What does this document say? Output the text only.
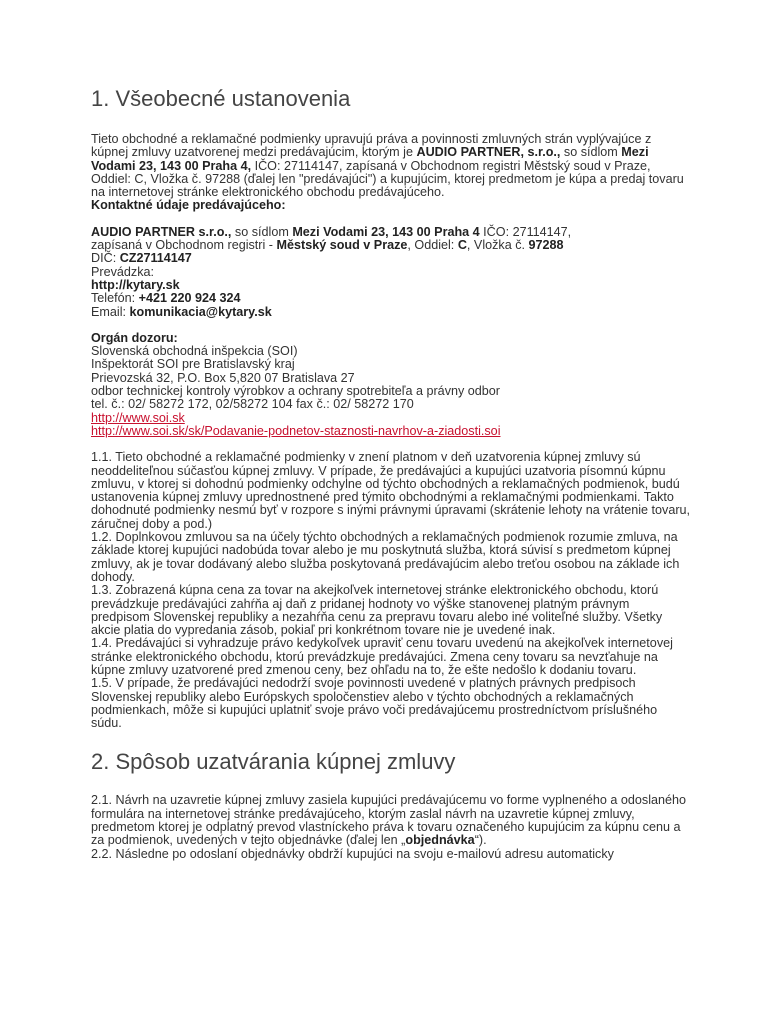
1. Všeobecné ustanovenia

Tieto obchodné a reklamačné podmienky upravujú práva a povinnosti zmluvných strán vyplývajúce z kúpnej zmluvy uzatvorenej medzi predávajúcim, ktorým je AUDIO PARTNER, s.r.o., so sídlom Mezi Vodami 23, 143 00 Praha 4, IČO: 27114147, zapísaná v Obchodnom registri Městský soud v Praze, Oddiel: C, Vložka č. 97288 (ďalej len "predávajúci") a kupujúcim, ktorej predmetom je kúpa a predaj tovaru na internetovej stránke elektronického obchodu predávajúceho.

Kontaktné údaje predávajúceho:

AUDIO PARTNER s.r.o., so sídlom Mezi Vodami 23, 143 00 Praha 4 IČO: 27114147,

zapísaná v Obchodnom registri - Městský soud v Praze, Oddiel: C, Vložka č. 97288

DIČ: CZ27114147

Prevádzka:

http://kytary.sk

Telefón: +421 220 924 324

Email: komunikacia@kytary.sk

Orgán dozoru:

Slovenská obchodná inšpekcia (SOI)

Inšpektorát SOI pre Bratislavský kraj

Prievozská 32, P.O. Box 5,820 07 Bratislava 27

odbor technickej kontroly výrobkov a ochrany spotrebiteľa a právny odbor

tel. č.: 02/ 58272 172, 02/58272 104 fax č.: 02/ 58272 170

http://www.soi.sk

http://www.soi.sk/sk/Podavanie-podnetov-staznosti-navrhov-a-ziadosti.soi

1.1. Tieto obchodné a reklamačné podmienky v znení platnom v deň uzatvorenia kúpnej zmluvy sú neoddeliteľnou súčasťou kúpnej zmluvy. V prípade, že predávajúci a kupujúci uzatvoria písomnú kúpnu zmluvu, v ktorej si dohodnú podmienky odchylne od týchto obchodných a reklamačných podmienok, budú ustanovenia kúpnej zmluvy uprednostnené pred týmito obchodnými a reklamačnými podmienkami. Takto dohodnuté podmienky nesmú byť v rozpore s inými právnymi úpravami (skrátenie lehoty na vrátenie tovaru, záručnej doby a pod.)

1.2. Doplnkovou zmluvou sa na účely týchto obchodných a reklamačných podmienok rozumie zmluva, na základe ktorej kupujúci nadobúda tovar alebo je mu poskytnutá služba, ktorá súvisí s predmetom kúpnej zmluvy, ak je tovar dodávaný alebo služba poskytovaná predávajúcim alebo treťou osobou na základe ich dohody.

1.3. Zobrazená kúpna cena za tovar na akejkoľvek internetovej stránke elektronického obchodu, ktorú prevádzkuje predávajúci zahŕňa aj daň z pridanej hodnoty vo výške stanovenej platným právnym predpisom Slovenskej republiky a nezahŕňa cenu za prepravu tovaru alebo iné voliteľné služby. Všetky akcie platia do vypredania zásob, pokiaľ pri konkrétnom tovare nie je uvedené inak.

1.4. Predávajúci si vyhradzuje právo kedykoľvek upraviť cenu tovaru uvedenú na akejkoľvek internetovej stránke elektronického obchodu, ktorú prevádzkuje predávajúci. Zmena ceny tovaru sa nevzťahuje na kúpne zmluvy uzatvorené pred zmenou ceny, bez ohľadu na to, že ešte nedošlo k dodaniu tovaru.

1.5. V prípade, že predávajúci nedodrží svoje povinnosti uvedené v platných právnych predpisoch Slovenskej republiky alebo Európskych spoločenstiev alebo v týchto obchodných a reklamačných podmienkach, môže si kupujúci uplatniť svoje právo voči predávajúcemu prostredníctvom príslušného súdu.

2. Spôsob uzatvárania kúpnej zmluvy

2.1. Návrh na uzavretie kúpnej zmluvy zasiela kupujúci predávajúcemu vo forme vyplneného a odoslaného formulára na internetovej stránke predávajúceho, ktorým zaslal návrh na uzavretie kúpnej zmluvy, predmetom ktorej je odplatný prevod vlastníckeho práva k tovaru označeného kupujúcim za kúpnu cenu a za podmienok, uvedených v tejto objednávke (ďalej len „objednávka“).

2.2. Následne po odoslaní objednávky obdrží kupujúci na svoju e-mailovú adresu automaticky
